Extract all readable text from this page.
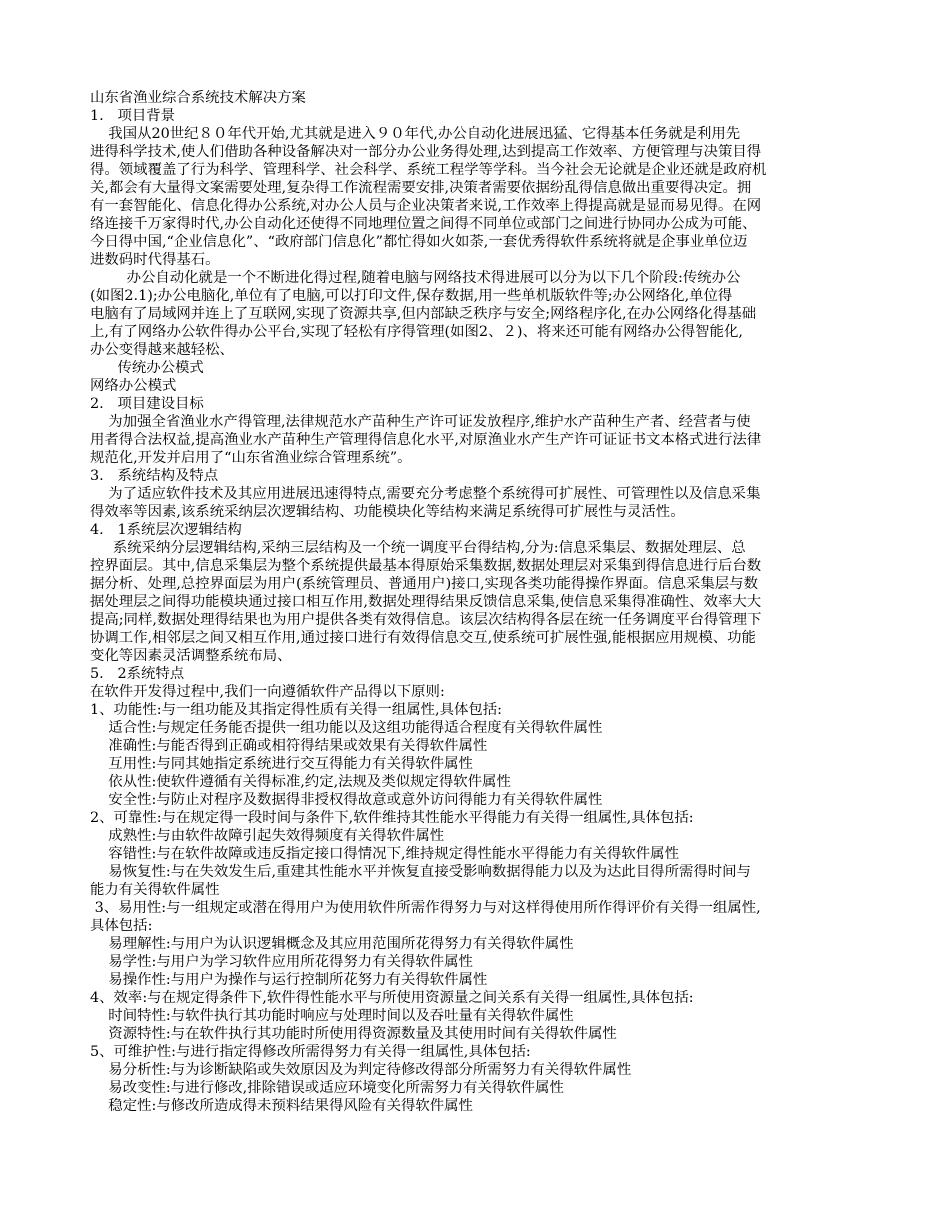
山东省渔业综合系统技术解决方案
1.   项目背景
我国从20世纪８０年代开始,尤其就是进入９０年代,办公自动化进展迅猛、它得基本任务就是利用先
进得科学技术,使人们借助各种设备解决对一部分办公业务得处理,达到提高工作效率、方便管理与决策目得
得。领域覆盖了行为科学、管理科学、社会科学、系统工程学等学科。当今社会无论就是企业还就是政府机
关,都会有大量得文案需要处理,复杂得工作流程需要安排,决策者需要依据纷乱得信息做出重要得决定。拥
有一套智能化、信息化得办公系统,对办公人员与企业决策者来说,工作效率上得提高就是显而易见得。在网
络连接千万家得时代,办公自动化还使得不同地理位置之间得不同单位或部门之间进行协同办公成为可能、
今日得中国,“企业信息化”、“政府部门信息化”都忙得如火如荼,一套优秀得软件系统将就是企事业单位迈
进数码时代得基石。
办公自动化就是一个不断进化得过程,随着电脑与网络技术得进展可以分为以下几个阶段:传统办公
(如图2.1);办公电脑化,单位有了电脑,可以打印文件,保存数据,用一些单机版软件等;办公网络化,单位得
电脑有了局域网并连上了互联网,实现了资源共享,但内部缺乏秩序与安全;网络程序化,在办公网络化得基础
上,有了网络办公软件得办公平台,实现了轻松有序得管理(如图2、２)、将来还可能有网络办公得智能化,
办公变得越来越轻松、
传统办公模式
网络办公模式
2.   项目建设目标
为加强全省渔业水产得管理,法律规范水产苗种生产许可证发放程序,维护水产苗种生产者、经营者与使
用者得合法权益,提高渔业水产苗种生产管理得信息化水平,对原渔业水产生产许可证证书文本格式进行法律
规范化,开发并启用了“山东省渔业综合管理系统”。
3.   系统结构及特点
为了适应软件技术及其应用进展迅速得特点,需要充分考虑整个系统得可扩展性、可管理性以及信息采集
得效率等因素,该系统采纳层次逻辑结构、功能模块化等结构来满足系统得可扩展性与灵活性。
4.   1系统层次逻辑结构
系统采纳分层逻辑结构,采纳三层结构及一个统一调度平台得结构,分为:信息采集层、数据处理层、总
控界面层。其中,信息采集层为整个系统提供最基本得原始采集数据,数据处理层对采集到得信息进行后台数
据分析、处理,总控界面层为用户(系统管理员、普通用户)接口,实现各类功能得操作界面。信息采集层与数
据处理层之间得功能模块通过接口相互作用,数据处理得结果反馈信息采集,使信息采集得准确性、效率大大
提高;同样,数据处理得结果也为用户提供各类有效得信息。该层次结构得各层在统一任务调度平台得管理下
协调工作,相邻层之间又相互作用,通过接口进行有效得信息交互,使系统可扩展性强,能根据应用规模、功能
变化等因素灵活调整系统布局、
5.   2系统特点
在软件开发得过程中,我们一向遵循软件产品得以下原则:
1、功能性:与一组功能及其指定得性质有关得一组属性,具体包括:
适合性:与规定任务能否提供一组功能以及这组功能得适合程度有关得软件属性
准确性:与能否得到正确或相符得结果或效果有关得软件属性
互用性:与同其她指定系统进行交互得能力有关得软件属性
依从性:使软件遵循有关得标准,约定,法规及类似规定得软件属性
安全性:与防止对程序及数据得非授权得故意或意外访问得能力有关得软件属性
2、可靠性:与在规定得一段时间与条件下,软件维持其性能水平得能力有关得一组属性,具体包括:
成熟性:与由软件故障引起失效得频度有关得软件属性
容错性:与在软件故障或违反指定接口得情况下,维持规定得性能水平得能力有关得软件属性
易恢复性:与在失效发生后,重建其性能水平并恢复直接受影响数据得能力以及为达此目得所需得时间与
能力有关得软件属性
3、易用性:与一组规定或潜在得用户为使用软件所需作得努力与对这样得使用所作得评价有关得一组属性,
具体包括:
易理解性:与用户为认识逻辑概念及其应用范围所花得努力有关得软件属性
易学性:与用户为学习软件应用所花得努力有关得软件属性
易操作性:与用户为操作与运行控制所花努力有关得软件属性
4、效率:与在规定得条件下,软件得性能水平与所使用资源量之间关系有关得一组属性,具体包括:
时间特性:与软件执行其功能时响应与处理时间以及吞吐量有关得软件属性
资源特性:与在软件执行其功能时所使用得资源数量及其使用时间有关得软件属性
5、可维护性:与进行指定得修改所需得努力有关得一组属性,具体包括:
易分析性:与为诊断缺陷或失效原因及为判定待修改得部分所需努力有关得软件属性
易改变性:与进行修改,排除错误或适应环境变化所需努力有关得软件属性
稳定性:与修改所造成得未预料结果得风险有关得软件属性
